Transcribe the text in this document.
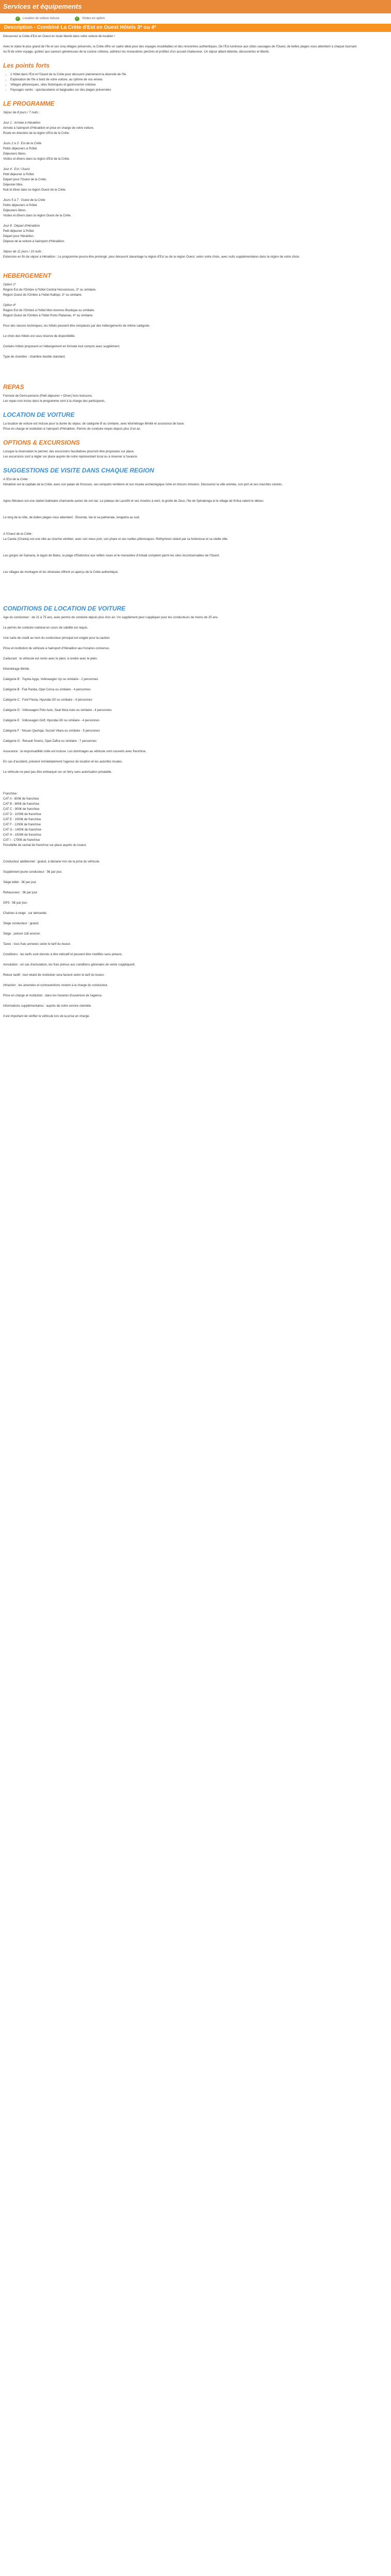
Services et équipements
✓	Location de voiture incluse	✓	Visites en option
Description - Combiné La Crète d'Est en Ouest Hôtels 3* ou 4*

Découvrez la Crète d'Est en Ouest en toute liberté dans votre voiture de location !

Avec le statut le plus grand de l'île et ses cinq villages préservés, la Crète offre un cadre idéal pour des voyages inoubliables et des rencontres authentiques. De l'Est lumineux aux côtes sauvages de l'Ouest, de belles plages vous attendent à chaque tournant.

Au fil de votre voyage, goûtez aux saveurs généreuses de la cuisine crétoise, admirez les monastères perchés et profitez d'un accueil chaleureux. Un séjour alliant détente, découvertes et liberté.

Les points forts
• 1 Hôtel dans l'Est et l'Ouest de la Crète pour découvrir pleinement la diversité de l'île
• Exploration de l'île à bord de votre voiture, au rythme de vos envies
• Villages pittoresques, sites historiques et gastronomie crétoise
• Paysages variés : spectaculaires et baignades sur des plages préservées
LE PROGRAMME

Séjour de 8 jours / 7 nuits :

Jour 1 : Arrivée à Héraklion

Arrivée à l'aéroport d'Héraklion et prise en charge de votre voiture.

Route en direction de la région d'Est de la Crète.

Jours 2 à 3 : Est de la Crète

Petits déjeuners à l'hôtel.

Déjeuners libres.

Visites et dîners dans la région d'Est de la Crète.

Jour 4 : Est / Ouest

Petit déjeuner à l'hôtel.

Départ pour l'Ouest de la Crète.

Déjeuner libre.

Nuit et dîner dans la région Ouest de la Crète.

Jours 5 à 7 : Ouest de la Crète

Petits déjeuners à l'hôtel.

Déjeuners libres.

Visites et dîners dans la région Ouest de la Crète.

Jour 8 : Départ d'Héraklion

Petit déjeuner à l'hôtel.

Départ pour Héraklion.

Dépose de la voiture à l'aéroport d'Héraklion.

Séjour de 11 jours / 10 nuits :

Extension en fin de séjour à Héraklion : Le programme pourra être prolongé, pour découvrir davantage la région d'Est ou de la région Ouest, selon votre choix, avec nuits supplémentaires dans la région de votre choix.

HEBERGEMENT

Option 1*

Région Est de l'Ombre à l'hôtel Central Hersonissos, 3* ou similaire.

Région Ouest de l'Ombre à l'hôtel Kalliopi, 3* ou similaire.

Option 4*

Région Est de l'Ombre à l'hôtel Mon Anemos Boutique ou similaire.

Région Ouest de l'Ombre à l'hôtel Porto Platanias, 4* ou similaire.

Pour des raisons techniques, les hôtels peuvent être remplacés par des hébergements de même catégorie.

Le choix des hôtels est sous réserve de disponibilité.

Certains hôtels proposent un hébergement en formule tout compris avec supplément.

Type de chambre : chambre double standard.

REPAS

Formule de Demi-pension (Petit déjeuner + Dîner) hors boissons.

Les repas non inclus dans le programme sont à la charge des participants.

LOCATION DE VOITURE

La location de voiture est incluse pour la durée du séjour, de catégorie B ou similaire, avec kilométrage illimité et assurance de base.

Prise en charge et restitution à l'aéroport d'Héraklion. Permis de conduire requis depuis plus d'un an.

OPTIONS & EXCURSIONS

Lorsque la réservation le permet, des excursions facultatives pourront être proposées sur place.

Les excursions sont à régler sur place auprès de notre représentant local ou à réserver à l'avance.

SUGGESTIONS DE VISITE DANS CHAQUE REGION

A l'Est de la Crète :

Héraklion est la capitale de la Crète, avec son palais de Knossos, ses remparts vénitiens et son musée archéologique riche en trésors minoens. Découvrez la ville animée, son port et ses marchés colorés.

Agios Nikolaos est une station balnéaire charmante autour de son lac. Le plateau de Lassithi et ses moulins à vent, la grotte de Zeus, l'île de Spinalonga et le village de Kritsa valent le détour.

Le long de la côte, de belles plages vous attendent : Elounda, Vai et sa palmeraie, Ierapetra au sud.

A l'Ouest de la Crète :

La Canée (Chania) est une ville au charme vénitien, avec son vieux port, son phare et ses ruelles pittoresques. Réthymnon séduit par sa forteresse et sa vieille ville.

Les gorges de Samaria, le lagon de Balos, la plage d'Elafonissi aux reflets roses et le monastère d'Arkadi comptent parmi les sites incontournables de l'Ouest.

Les villages de montagne et les oliveraies offrent un aperçu de la Crète authentique.

CONDITIONS DE LOCATION DE VOITURE

Age du conducteur : de 21 à 75 ans, avec permis de conduire depuis plus d'un an. Un supplément peut s'appliquer pour les conducteurs de moins de 25 ans.

Le permis de conduire national en cours de validité est requis.

Une carte de crédit au nom du conducteur principal est exigée pour la caution.

Prise et restitution du véhicule à l'aéroport d'Héraklion aux horaires convenus.

Carburant : le véhicule est remis avec le plein, à rendre avec le plein.

Kilométrage illimité.

Catégorie B : Toyota Aygo, Volkswagen Up ou similaire - 2 personnes

Catégorie B : Fiat Panda, Opel Corsa ou similaire - 4 personnes

Catégorie C : Ford Fiesta, Hyundai i20 ou similaire - 4 personnes

Catégorie D : Volkswagen Polo Auto, Seat Ibiza Auto ou similaire - 4 personnes

Catégorie E : Volkswagen Golf, Hyundai i30 ou similaire - 4 personnes

Catégorie F : Nissan Qashqai, Suzuki Vitara ou similaire - 5 personnes

Catégorie G : Renault Scenic, Opel Zafira ou similaire - 7 personnes

Assurance : la responsabilité civile est incluse. Les dommages au véhicule sont couverts avec franchise.

En cas d'accident, prévenir immédiatement l'agence de location et les autorités locales.

Le véhicule ne peut pas être embarqué sur un ferry sans autorisation préalable.

Franchise :

CAT A - 800€ de franchise

CAT B - 800€ de franchise

CAT C - 900€ de franchise

CAT D - 1000€ de franchise

CAT E - 1000€ de franchise

CAT F - 1200€ de franchise

CAT G - 1400€ de franchise

CAT H - 1500€ de franchise

CAT I - 1700€ de franchise

Possibilité de rachat de franchise sur place auprès du loueur.

Conducteur additionnel : gratuit, à déclarer lors de la prise du véhicule.

Supplément jeune conducteur : 5€ par jour.

Siège bébé : 3€ par jour.

Rehausseur : 3€ par jour.

GPS : 5€ par jour.

Chaînes à neige : sur demande.

Siège conducteur : gratuit.

Siège : prévoir 11€ environ.

Taxes : tous frais annexes selon le tarif du loueur.

Conditions : les tarifs sont donnés à titre indicatif et peuvent être modifiés sans préavis.

Annulation : en cas d'annulation, les frais prévus aux conditions générales de vente s'appliquent.

Retour tardif : tout retard de restitution sera facturé selon le tarif du loueur.

Infraction : les amendes et contraventions restent à la charge du conducteur.

Prise en charge et restitution : dans les horaires d'ouverture de l'agence.

Informations supplémentaires : auprès de notre service clientèle.

Il est important de vérifier le véhicule lors de la prise en charge.
